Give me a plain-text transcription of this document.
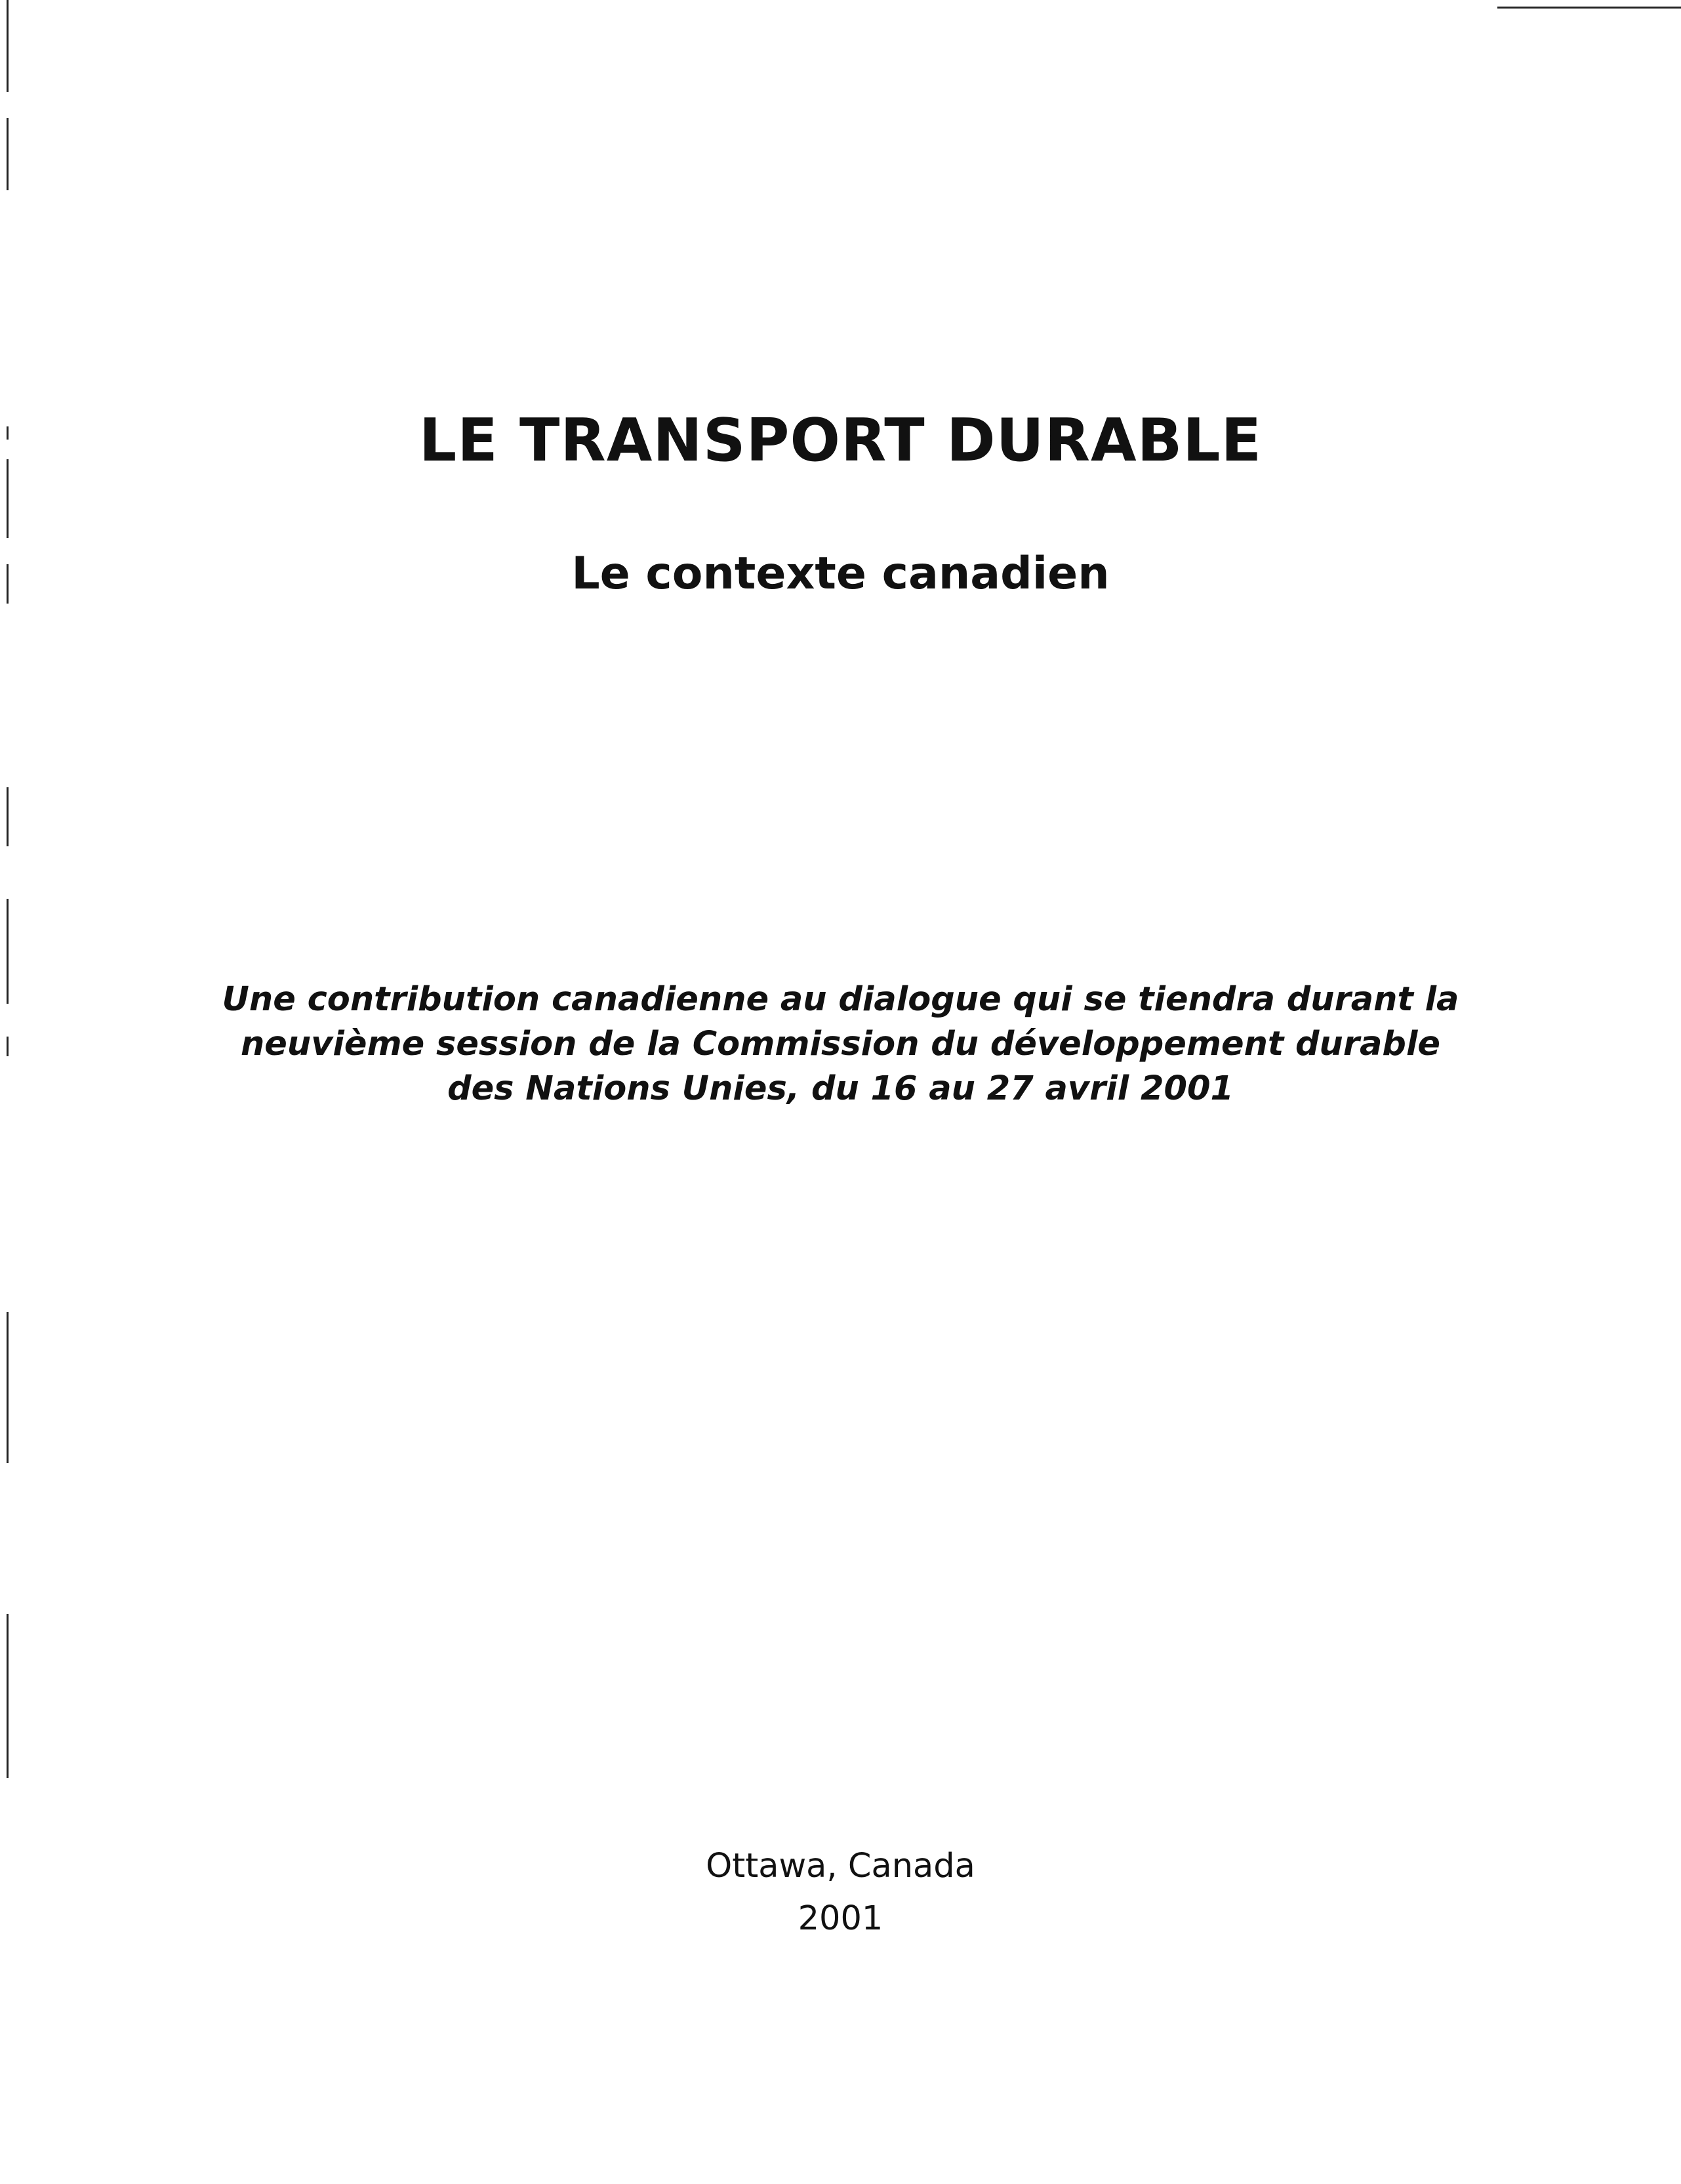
LE TRANSPORT DURABLE
Le contexte canadien
Une contribution canadienne au dialogue qui se tiendra durant la
neuvième session de la Commission du développement durable
des Nations Unies, du 16 au 27 avril 2001
Ottawa, Canada
2001
